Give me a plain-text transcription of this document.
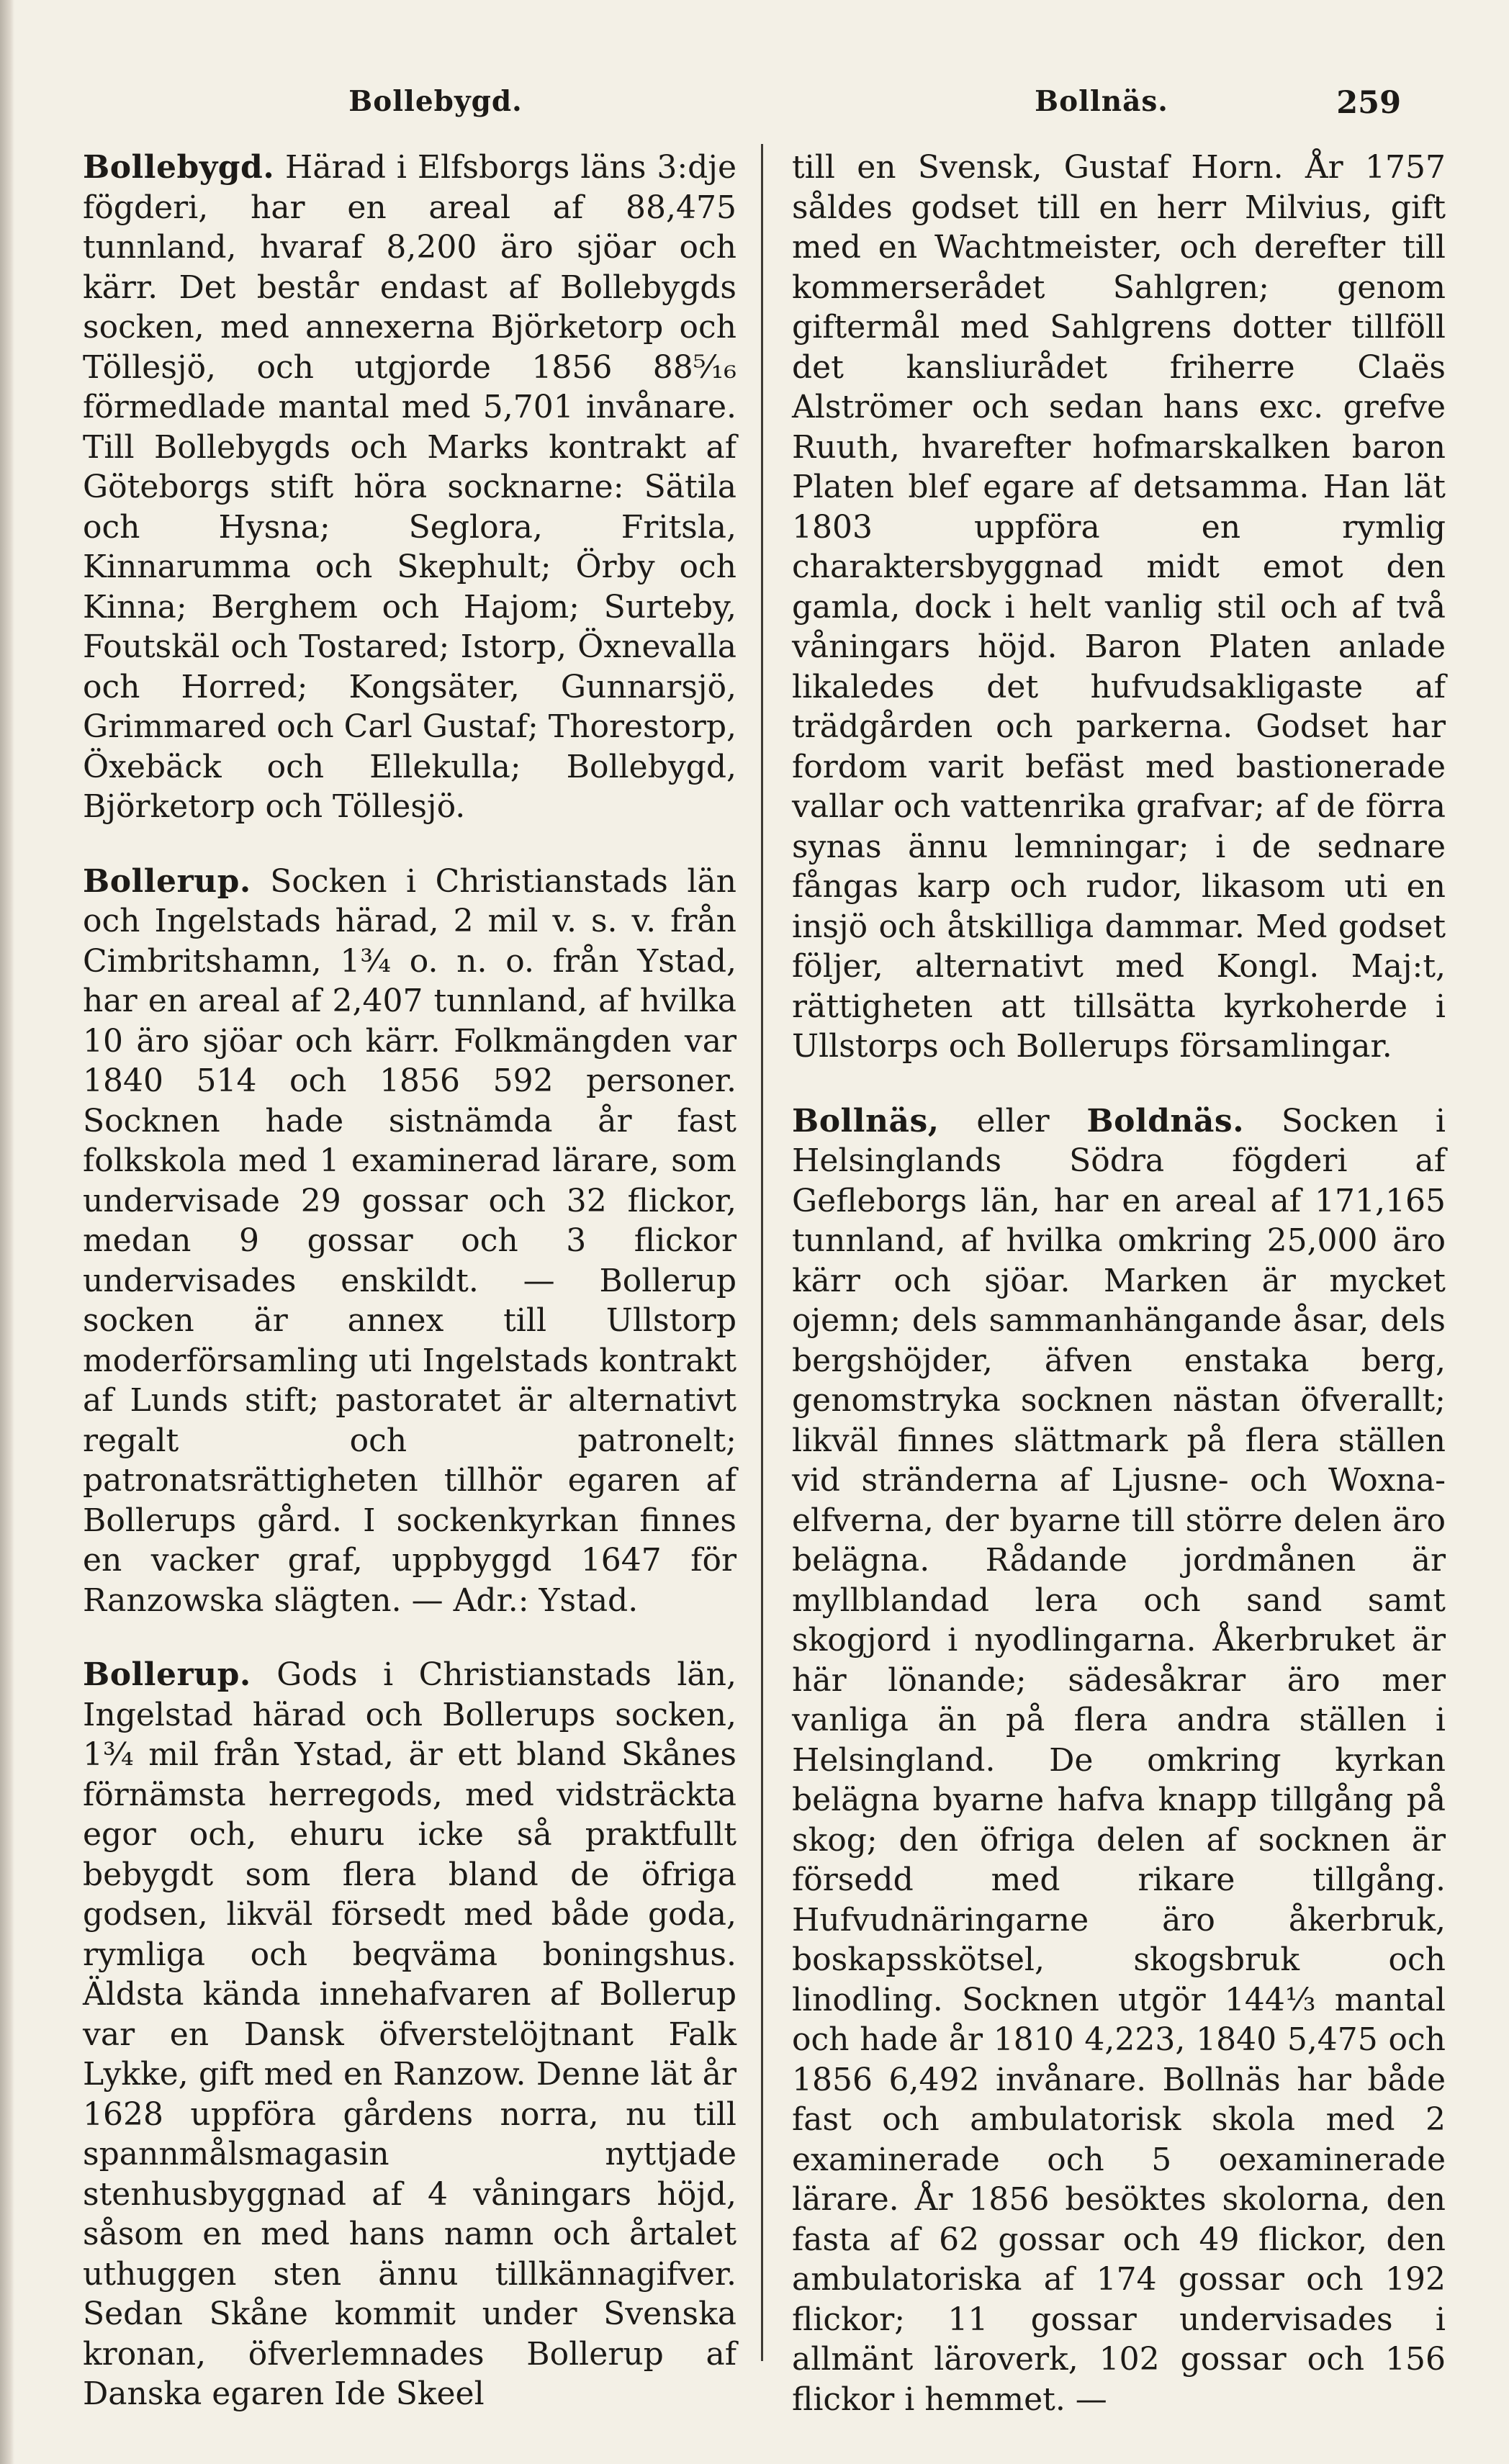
Bollebygd.	Bollnäs.	259

Bollebygd. Härad i Elfsborgs läns 3:dje fögderi, har en areal af 88,475 tunnland, hvaraf 8,200 äro sjöar och kärr. Det består endast af Bollebygds socken, med annexerna Björketorp och Töllesjö, och utgjorde 1856 88⁵⁄₁₆ förmedlade mantal med 5,701 invånare. Till Bollebygds och Marks kontrakt af Göteborgs stift höra socknarne: Sätila och Hysna; Seglora, Fritsla, Kinnarumma och Skephult; Örby och Kinna; Berghem och Hajom; Surteby, Foutskäl och Tostared; Istorp, Öxnevalla och Horred; Kongsäter, Gunnarsjö, Grimmared och Carl Gustaf; Thorestorp, Öxebäck och Ellekulla; Bollebygd, Björketorp och Töllesjö.

Bollerup. Socken i Christianstads län och Ingelstads härad, 2 mil v. s. v. från Cimbritshamn, 1¾ o. n. o. från Ystad, har en areal af 2,407 tunnland, af hvilka 10 äro sjöar och kärr. Folkmängden var 1840 514 och 1856 592 personer. Socknen hade sistnämda år fast folkskola med 1 examinerad lärare, som undervisade 29 gossar och 32 flickor, medan 9 gossar och 3 flickor undervisades enskildt. — Bollerup socken är annex till Ullstorp moderförsamling uti Ingelstads kontrakt af Lunds stift; pastoratet är alternativt regalt och patronelt; patronatsrättigheten tillhör egaren af Bollerups gård. I sockenkyrkan finnes en vacker graf, uppbyggd 1647 för Ranzowska slägten. — Adr.: Ystad.

Bollerup. Gods i Christianstads län, Ingelstad härad och Bollerups socken, 1¾ mil från Ystad, är ett bland Skånes förnämsta herregods, med vidsträckta egor och, ehuru icke så praktfullt bebygdt som flera bland de öfriga godsen, likväl försedt med både goda, rymliga och beqväma boningshus. Äldsta kända innehafvaren af Bollerup var en Dansk öfverstelöjtnant Falk Lykke, gift med en Ranzow. Denne lät år 1628 uppföra gårdens norra, nu till spannmålsmagasin nyttjade stenhusbyggnad af 4 våningars höjd, såsom en med hans namn och årtalet uthuggen sten ännu tillkännagifver. Sedan Skåne kommit under Svenska kronan, öfverlemnades Bollerup af Danska egaren Ide Skeel

till en Svensk, Gustaf Horn. År 1757 såldes godset till en herr Milvius, gift med en Wachtmeister, och derefter till kommerserådet Sahlgren; genom giftermål med Sahlgrens dotter tillföll det kansliurådet friherre Claës Alströmer och sedan hans exc. grefve Ruuth, hvarefter hofmarskalken baron Platen blef egare af detsamma. Han lät 1803 uppföra en rymlig charaktersbyggnad midt emot den gamla, dock i helt vanlig stil och af två våningars höjd. Baron Platen anlade likaledes det hufvudsakligaste af trädgården och parkerna. Godset har fordom varit befäst med bastionerade vallar och vattenrika grafvar; af de förra synas ännu lemningar; i de sednare fångas karp och rudor, likasom uti en insjö och åtskilliga dammar. Med godset följer, alternativt med Kongl. Maj:t, rättigheten att tillsätta kyrkoherde i Ullstorps och Bollerups församlingar.

Bollnäs, eller Boldnäs. Socken i Helsinglands Södra fögderi af Gefleborgs län, har en areal af 171,165 tunnland, af hvilka omkring 25,000 äro kärr och sjöar. Marken är mycket ojemn; dels sammanhängande åsar, dels bergshöjder, äfven enstaka berg, genomstryka socknen nästan öfverallt; likväl finnes slättmark på flera ställen vid stränderna af Ljusne- och Woxna-elfverna, der byarne till större delen äro belägna. Rådande jordmånen är myllblandad lera och sand samt skogjord i nyodlingarna. Åkerbruket är här lönande; sädesåkrar äro mer vanliga än på flera andra ställen i Helsingland. De omkring kyrkan belägna byarne hafva knapp tillgång på skog; den öfriga delen af socknen är försedd med rikare tillgång. Hufvudnäringarne äro åkerbruk, boskapsskötsel, skogsbruk och linodling. Socknen utgör 144⅓ mantal och hade år 1810 4,223, 1840 5,475 och 1856 6,492 invånare. Bollnäs har både fast och ambulatorisk skola med 2 examinerade och 5 oexaminerade lärare. År 1856 besöktes skolorna, den fasta af 62 gossar och 49 flickor, den ambulatoriska af 174 gossar och 192 flickor; 11 gossar undervisades i allmänt läroverk, 102 gossar och 156 flickor i hemmet. —
